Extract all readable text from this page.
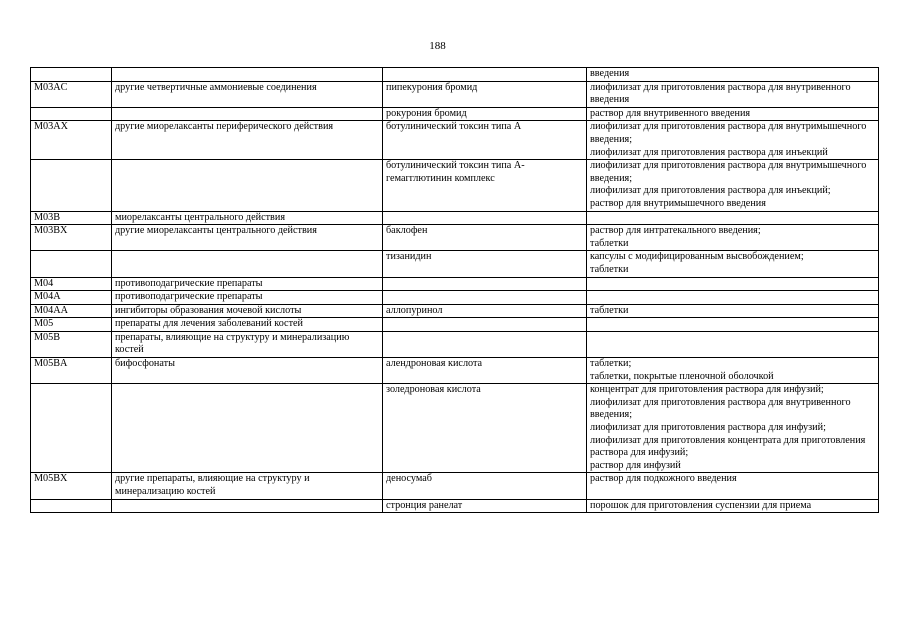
188

			введения

M03AC	другие четвертичные аммониевые соединения	пипекурония бромид	лиофилизат для приготовления раствора для внутривенного введения

		рокурония бромид	раствор для внутривенного введения

M03AX	другие миорелаксанты периферического действия	ботулинический токсин типа A	лиофилизат для приготовления раствора для внутримышечного введения;
лиофилизат для приготовления раствора для инъекций

		ботулинический токсин типа A-гемагглютинин комплекс	лиофилизат для приготовления раствора для внутримышечного введения;
лиофилизат для приготовления раствора для инъекций;
раствор для внутримышечного введения

M03B	миорелаксанты центрального действия		
M03BX	другие миорелаксанты центрального действия	баклофен	раствор для интратекального введения;
таблетки

		тизанидин	капсулы с модифицированным высвобождением;
таблетки

M04	противоподагрические препараты		
M04A	противоподагрические препараты		
M04AA	ингибиторы образования мочевой кислоты	аллопуринол	таблетки

M05	препараты для лечения заболеваний костей		
M05B	препараты, влияющие на структуру и минерализацию костей		
M05BA	бифосфонаты	алендроновая кислота	таблетки;
таблетки, покрытые пленочной оболочкой

		золедроновая кислота	концентрат для приготовления раствора для инфузий;
лиофилизат для приготовления раствора для внутривенного введения;
лиофилизат для приготовления раствора для инфузий;
лиофилизат для приготовления концентрата для приготовления раствора для инфузий;
раствор для инфузий

M05BX	другие препараты, влияющие на структуру и минерализацию костей	деносумаб	раствор для подкожного введения

		стронция ранелат	порошок для приготовления суспензии для приема
